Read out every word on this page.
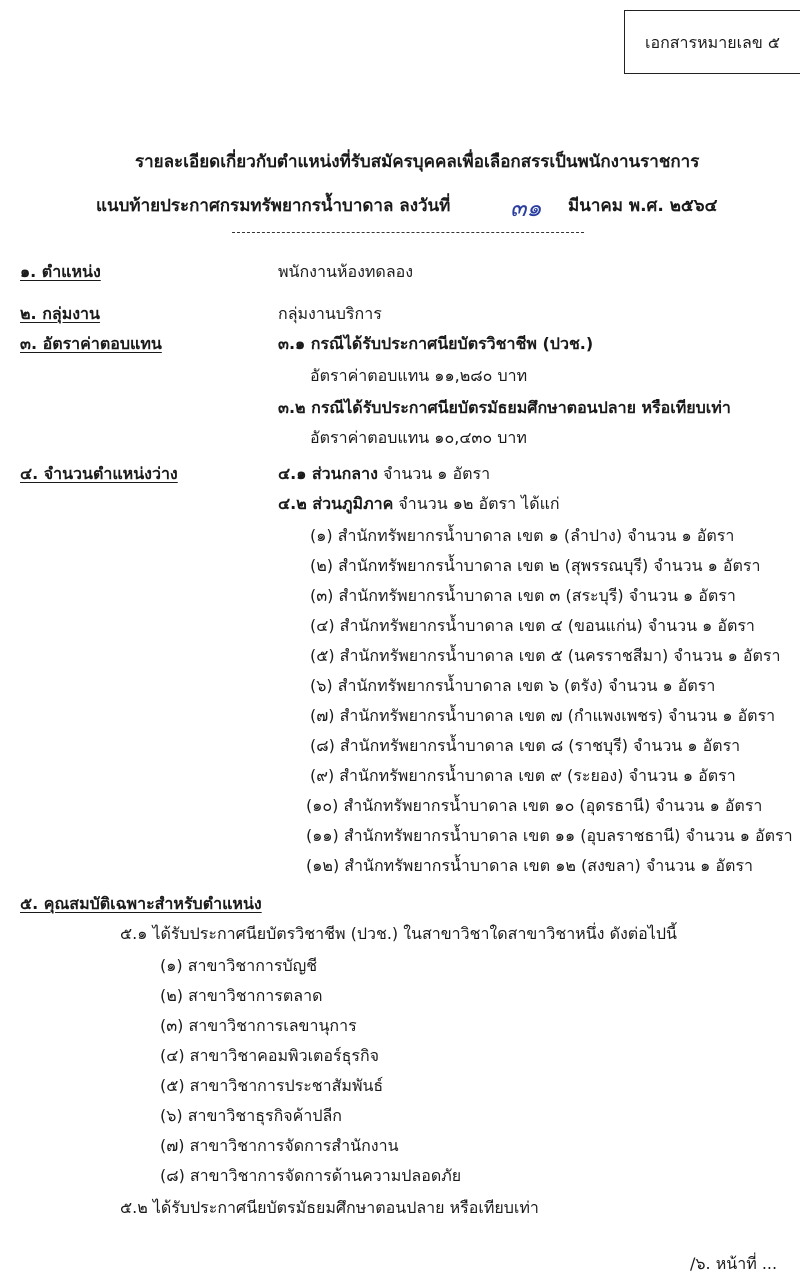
เอกสารหมายเลข ๕
รายละเอียดเกี่ยวกับตำแหน่งที่รับสมัครบุคคลเพื่อเลือกสรรเป็นพนักงานราชการ
แนบท้ายประกาศกรมทรัพยากรน้ำบาดาล ลงวันที่ ๓๑ มีนาคม พ.ศ. ๒๕๖๔
๑. ตำแหน่ง	พนักงานห้องทดลอง
๒. กลุ่มงาน	กลุ่มงานบริการ
๓. อัตราค่าตอบแทน	๓.๑ กรณีได้รับประกาศนียบัตรวิชาชีพ (ปวช.)
อัตราค่าตอบแทน ๑๑,๒๘๐ บาท
๓.๒ กรณีได้รับประกาศนียบัตรมัธยมศึกษาตอนปลาย หรือเทียบเท่า
อัตราค่าตอบแทน ๑๐,๔๓๐ บาท
๔. จำนวนตำแหน่งว่าง	๔.๑ ส่วนกลาง จำนวน ๑ อัตรา
๔.๒ ส่วนภูมิภาค จำนวน ๑๒ อัตรา ได้แก่
(๑) สำนักทรัพยากรน้ำบาดาล เขต ๑ (ลำปาง) จำนวน ๑ อัตรา
(๒) สำนักทรัพยากรน้ำบาดาล เขต ๒ (สุพรรณบุรี) จำนวน ๑ อัตรา
(๓) สำนักทรัพยากรน้ำบาดาล เขต ๓ (สระบุรี) จำนวน ๑ อัตรา
(๔) สำนักทรัพยากรน้ำบาดาล เขต ๔ (ขอนแก่น) จำนวน ๑ อัตรา
(๕) สำนักทรัพยากรน้ำบาดาล เขต ๕ (นครราชสีมา) จำนวน ๑ อัตรา
(๖) สำนักทรัพยากรน้ำบาดาล เขต ๖ (ตรัง) จำนวน ๑ อัตรา
(๗) สำนักทรัพยากรน้ำบาดาล เขต ๗ (กำแพงเพชร) จำนวน ๑ อัตรา
(๘) สำนักทรัพยากรน้ำบาดาล เขต ๘ (ราชบุรี) จำนวน ๑ อัตรา
(๙) สำนักทรัพยากรน้ำบาดาล เขต ๙ (ระยอง) จำนวน ๑ อัตรา
(๑๐) สำนักทรัพยากรน้ำบาดาล เขต ๑๐ (อุดรธานี) จำนวน ๑ อัตรา
(๑๑) สำนักทรัพยากรน้ำบาดาล เขต ๑๑ (อุบลราชธานี) จำนวน ๑ อัตรา
(๑๒) สำนักทรัพยากรน้ำบาดาล เขต ๑๒ (สงขลา) จำนวน ๑ อัตรา
๕. คุณสมบัติเฉพาะสำหรับตำแหน่ง
๕.๑ ได้รับประกาศนียบัตรวิชาชีพ (ปวช.) ในสาขาวิชาใดสาขาวิชาหนึ่ง ดังต่อไปนี้
(๑) สาขาวิชาการบัญชี
(๒) สาขาวิชาการตลาด
(๓) สาขาวิชาการเลขานุการ
(๔) สาขาวิชาคอมพิวเตอร์ธุรกิจ
(๕) สาขาวิชาการประชาสัมพันธ์
(๖) สาขาวิชาธุรกิจค้าปลีก
(๗) สาขาวิชาการจัดการสำนักงาน
(๘) สาขาวิชาการจัดการด้านความปลอดภัย
๕.๒ ได้รับประกาศนียบัตรมัธยมศึกษาตอนปลาย หรือเทียบเท่า
/๖. หน้าที่ ...
